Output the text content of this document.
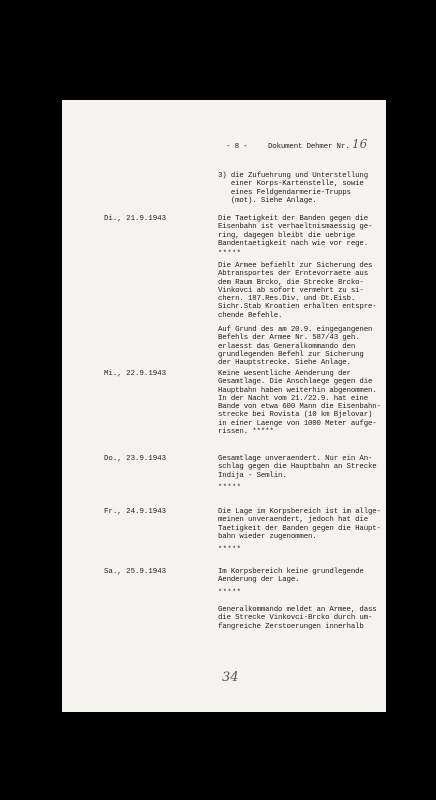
- 8 -	Dokument Dehmer Nr. 16
3) die Zufuehrung und Unterstellung
einer Korps-Kartenstelle, sowie
eines Feldgendarmerie-Trupps
(mot). Siehe Anlage.
Di., 21.9.1943	Die Taetigkeit der Banden gegen die
Eisenbahn ist verhaeltnismaessig ge-
ring, dagegen bleibt die uebrige
Bandentaetigkeit nach wie vor rege.
*****
Die Armee befiehlt zur Sicherung des
Abtransportes der Erntevorraete aus
dem Raum Brcko, die Strecke Brcko-
Vinkovci ab sofort vermehrt zu si-
chern. 187.Res.Div. und Dt.Eisb.
Sichr.Stab Kroatien erhalten entspre-
chende Befehle.
Auf Grund des am 20.9. eingegangenen
Befehls der Armee Nr. 587/43 geh.
erlaesst das Generalkommando den
grundlegenden Befehl zur Sicherung
der Hauptstrecke. Siehe Anlage.
Mi., 22.9.1943	Keine wesentliche Aenderung der
Gesamtlage. Die Anschlaege gegen die
Hauptbahn haben weiterhin abgenommen.
In der Nacht vom 21./22.9. hat eine
Bande von etwa 600 Mann die Eisenbahn-
strecke bei Rovista (10 km Bjelovar)
in einer Laenge von 1000 Meter aufge-
rissen. *****
Do., 23.9.1943	Gesamtlage unveraendert. Nur ein An-
schlag gegen die Hauptbahn an Strecke
Indija - Semlin.
*****
Fr., 24.9.1943	Die Lage im Korpsbereich ist im allge-
meinen unveraendert, jedoch hat die
Taetigkeit der Banden gegen die Haupt-
bahn wieder zugenommen.
*****
Sa., 25.9.1943	Im Korpsbereich keine grundlegende
Aenderung der Lage.
*****
Generalkommando meldet an Armee, dass
die Strecke Vinkovci-Brcko durch um-
fangreiche Zerstoerungen innerhalb
34
